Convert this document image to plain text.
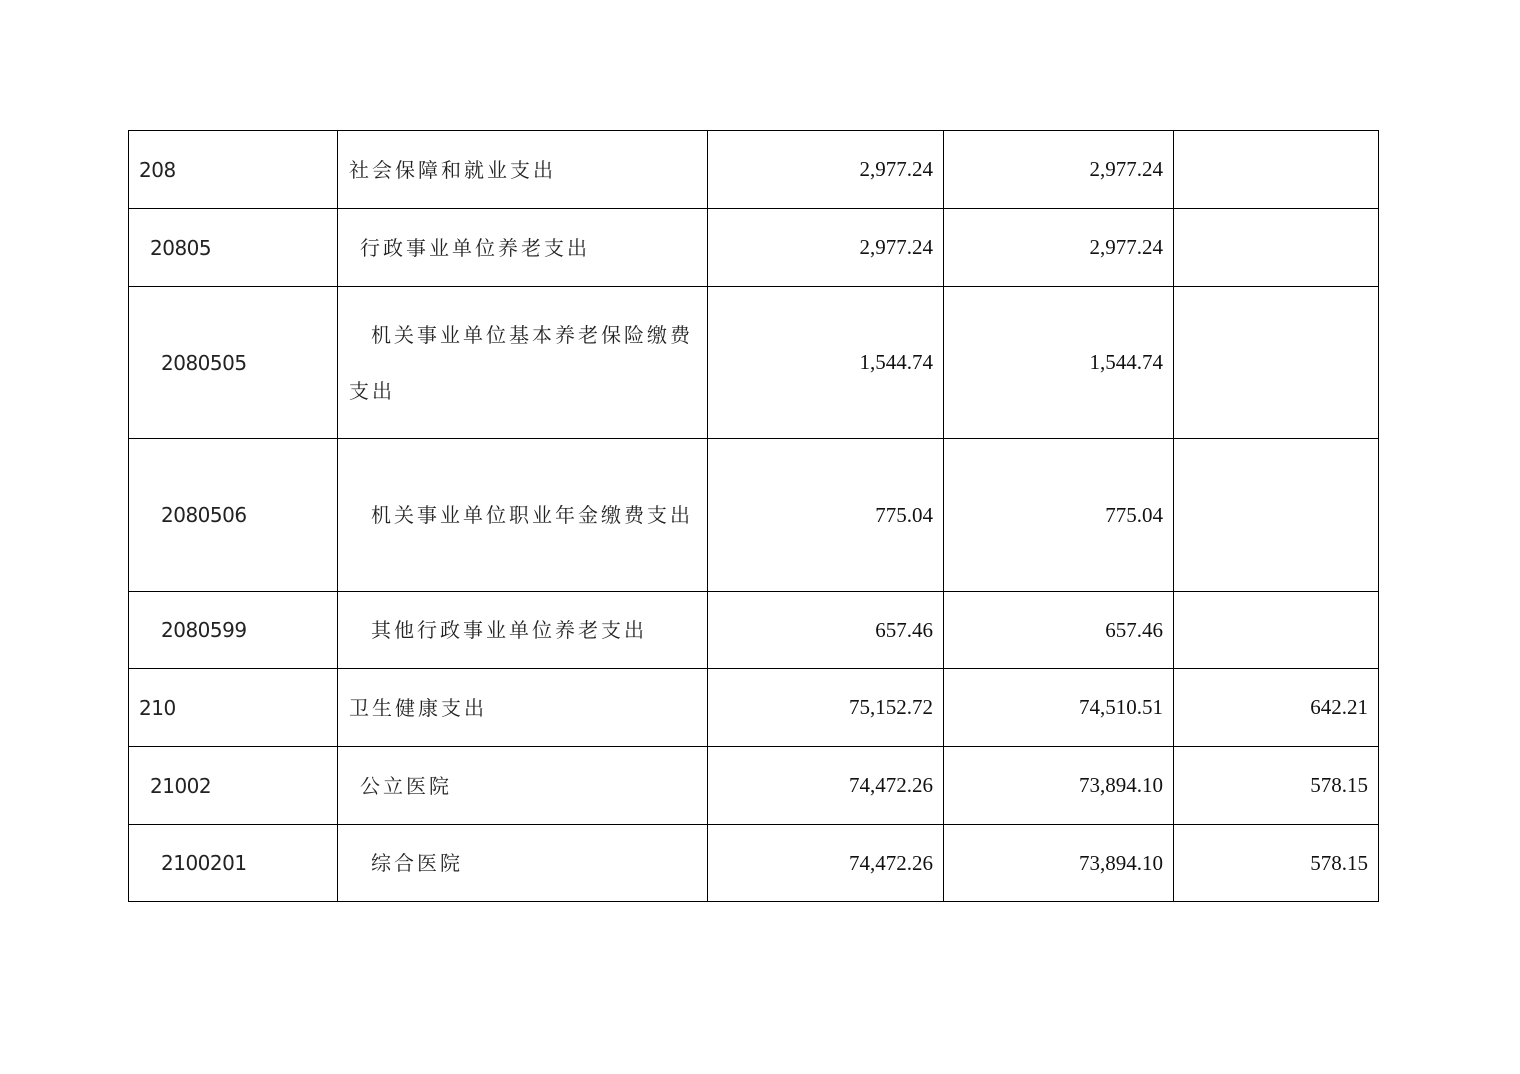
208	社会保障和就业支出	2,977.24	2,977.24	
20805	行政事业单位养老支出	2,977.24	2,977.24	
2080505	机关事业单位基本养老保险缴费支出	1,544.74	1,544.74	
2080506	机关事业单位职业年金缴费支出	775.04	775.04	
2080599	其他行政事业单位养老支出	657.46	657.46	
210	卫生健康支出	75,152.72	74,510.51	642.21
21002	公立医院	74,472.26	73,894.10	578.15
2100201	综合医院	74,472.26	73,894.10	578.15
